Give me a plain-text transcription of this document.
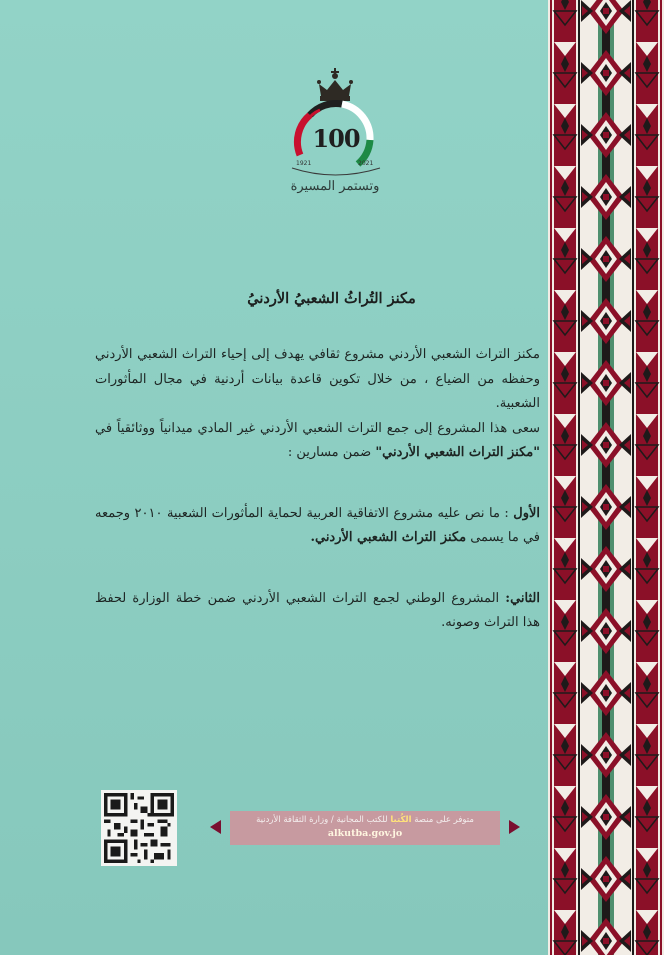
100
1921	2021
وتستمر المسيرة
مكنز التُراثُ الشعبيُ الأردنيُ

مكنز التراث الشعبي الأردني مشروع ثقافي يهدف إلى إحياء التراث الشعبي الأردني وحفظه من الضياع ، من خلال تكوين قاعدة بيانات أردنية في مجال المأثورات الشعبية.

سعى هذا المشروع إلى جمع التراث الشعبي الأردني غير المادي ميدانياً ووثائقياً في "مكنز التراث الشعبي الأردني" ضمن مسارين :

الأول : ما نص عليه مشروع الاتفاقية العربية لحماية المأثورات الشعبية ٢٠١٠ وجمعه في ما يسمى مكنز التراث الشعبي الأردني.

الثاني: المشروع الوطني لجمع التراث الشعبي الأردني ضمن خطة الوزارة لحفظ هذا التراث وصونه.

متوفر على منصة الكُتبا للكتب المجانية / وزارة الثقافة الأردنية
alkutba.gov.jo
